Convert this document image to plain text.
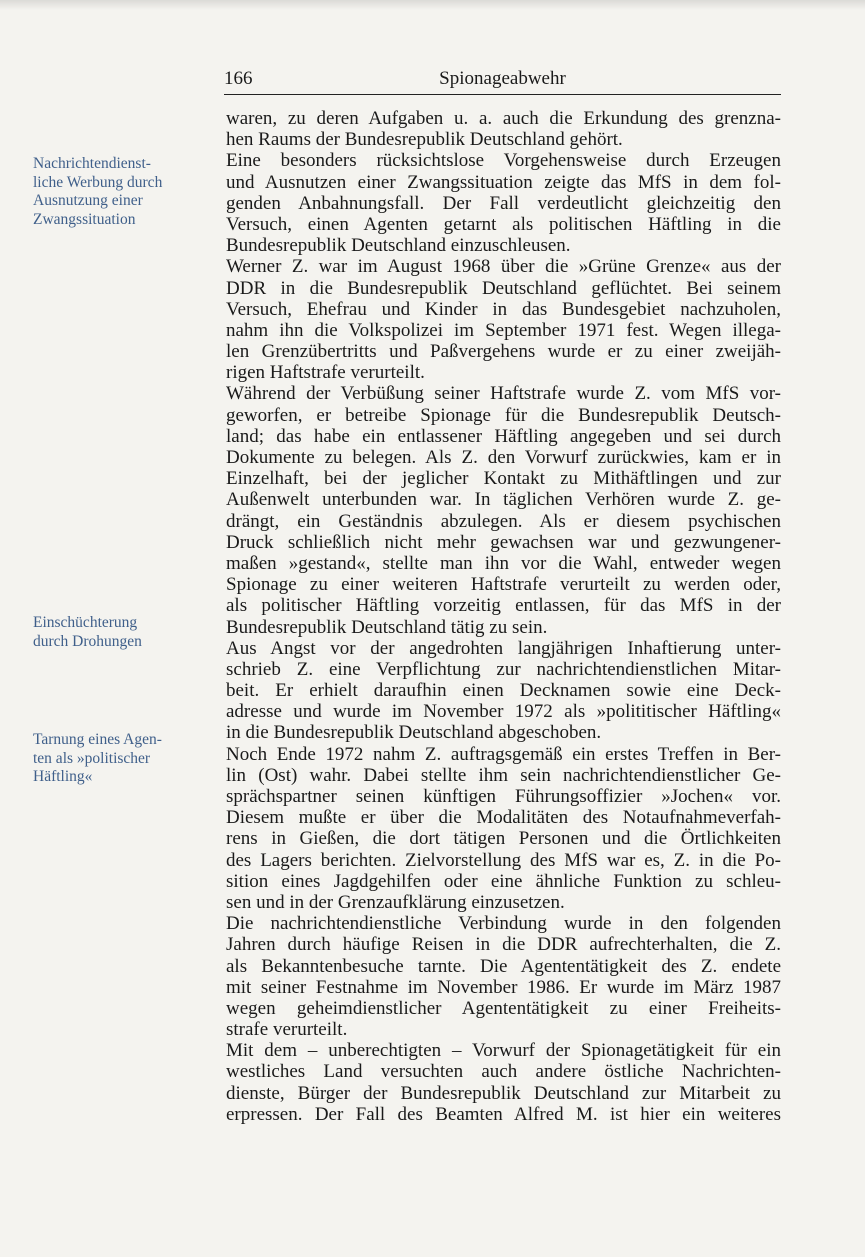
166	Spionageabwehr
Nachrichtendienst-
liche Werbung durch
Ausnutzung einer
Zwangssituation
Einschüchterung
durch Drohungen
Tarnung eines Agen-
ten als »politischer
Häftling«
waren, zu deren Aufgaben u. a. auch die Erkundung des grenzna-
hen Raums der Bundesrepublik Deutschland gehört.
Eine besonders rücksichtslose Vorgehensweise durch Erzeugen
und Ausnutzen einer Zwangssituation zeigte das MfS in dem fol-
genden Anbahnungsfall. Der Fall verdeutlicht gleichzeitig den
Versuch, einen Agenten getarnt als politischen Häftling in die
Bundesrepublik Deutschland einzuschleusen.
Werner Z. war im August 1968 über die »Grüne Grenze« aus der
DDR in die Bundesrepublik Deutschland geflüchtet. Bei seinem
Versuch, Ehefrau und Kinder in das Bundesgebiet nachzuholen,
nahm ihn die Volkspolizei im September 1971 fest. Wegen illega-
len Grenzübertritts und Paßvergehens wurde er zu einer zweijäh-
rigen Haftstrafe verurteilt.
Während der Verbüßung seiner Haftstrafe wurde Z. vom MfS vor-
geworfen, er betreibe Spionage für die Bundesrepublik Deutsch-
land; das habe ein entlassener Häftling angegeben und sei durch
Dokumente zu belegen. Als Z. den Vorwurf zurückwies, kam er in
Einzelhaft, bei der jeglicher Kontakt zu Mithäftlingen und zur
Außenwelt unterbunden war. In täglichen Verhören wurde Z. ge-
drängt, ein Geständnis abzulegen. Als er diesem psychischen
Druck schließlich nicht mehr gewachsen war und gezwungener-
maßen »gestand«, stellte man ihn vor die Wahl, entweder wegen
Spionage zu einer weiteren Haftstrafe verurteilt zu werden oder,
als politischer Häftling vorzeitig entlassen, für das MfS in der
Bundesrepublik Deutschland tätig zu sein.
Aus Angst vor der angedrohten langjährigen Inhaftierung unter-
schrieb Z. eine Verpflichtung zur nachrichtendienstlichen Mitar-
beit. Er erhielt daraufhin einen Decknamen sowie eine Deck-
adresse und wurde im November 1972 als »polititischer Häftling«
in die Bundesrepublik Deutschland abgeschoben.
Noch Ende 1972 nahm Z. auftragsgemäß ein erstes Treffen in Ber-
lin (Ost) wahr. Dabei stellte ihm sein nachrichtendienstlicher Ge-
sprächspartner seinen künftigen Führungsoffizier »Jochen« vor.
Diesem mußte er über die Modalitäten des Notaufnahmeverfah-
rens in Gießen, die dort tätigen Personen und die Örtlichkeiten
des Lagers berichten. Zielvorstellung des MfS war es, Z. in die Po-
sition eines Jagdgehilfen oder eine ähnliche Funktion zu schleu-
sen und in der Grenzaufklärung einzusetzen.
Die nachrichtendienstliche Verbindung wurde in den folgenden
Jahren durch häufige Reisen in die DDR aufrechterhalten, die Z.
als Bekanntenbesuche tarnte. Die Agententätigkeit des Z. endete
mit seiner Festnahme im November 1986. Er wurde im März 1987
wegen geheimdienstlicher Agententätigkeit zu einer Freiheits-
strafe verurteilt.
Mit dem – unberechtigten – Vorwurf der Spionagetätigkeit für ein
westliches Land versuchten auch andere östliche Nachrichten-
dienste, Bürger der Bundesrepublik Deutschland zur Mitarbeit zu
erpressen. Der Fall des Beamten Alfred M. ist hier ein weiteres
